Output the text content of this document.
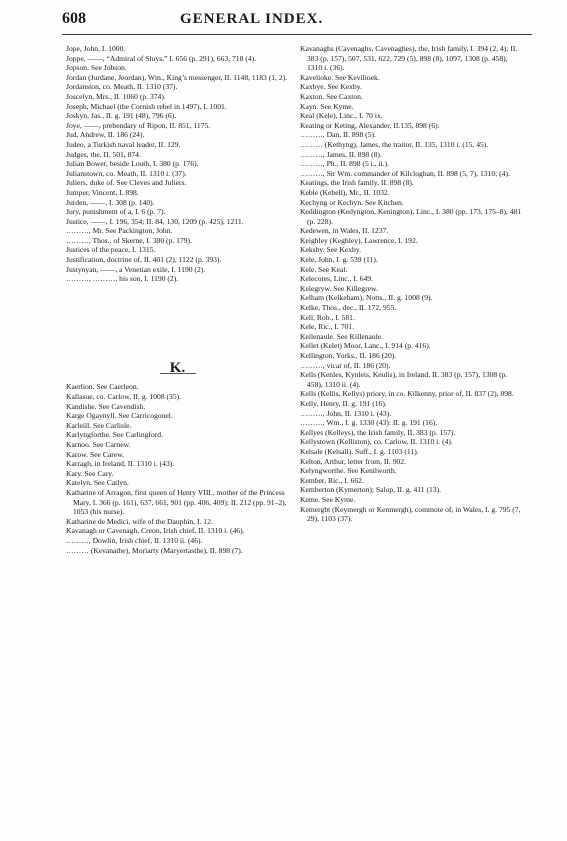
608	GENERAL INDEX.

Jope, John, I. 1000.

Joppe, ——, “Admiral of Sluys,” I. 656 (p. 291), 663, 718 (4).

Jopson. See Jobson.

Jordan (Jurdane, Jeordan), Wm., King’s messenger, II. 1148, 1183 (1, 2).

Jordanston, co. Meath, II. 1310 (37).

Joscelyn, Mrs., II. 1060 (p. 374).

Joseph, Michael (the Cornish rebel in 1497), I. 1001.

Joskyn, Jas., II. g. 191 (48), 796 (6).

Joye, ——, prebendary of Ripon, II. 851, 1175.

Jud, Andrew, II. 186 (24).

Judeo, a Turkish naval leader, II. 129.

Judges, the, II. 501, 874.

Julian Bower, beside Louth, I. 380 (p. 176).

Julianstown, co. Meath, II. 1310 i. (37).

Juliers, duke of. See Cleves and Juliers.

Jumper, Vincent, I. 898.

Jurden, ——, I. 308 (p. 140).

Jury, punishment of a, I. 6 (p. 7).

Justice, ——, I. 196, 354; II. 84, 130, 1209 (p. 425), 1211.

………, Mr. See Packington, John.

………, Thos., of Skerne, I. 380 (p. 179).

Justices of the peace, I. 1315.

Justification, doctrine of, II. 401 (2), 1122 (p. 393).

Justynyan, ——, a Venetian exile, I. 1190 (2).

………, ………, his son, I. 1190 (2).

K.

Kaerlion. See Caerleon.

Kallasue, co. Carlow, II. g. 1008 (35).

Kandishe. See Cavendish.

Karge Ogaynyll. See Carricogonel.

Karleill. See Carlisle.

Karlyngforthe. See Carlingford.

Karnoo. See Carnew.

Karow. See Carew.

Karragh, in Ireland, II. 1310 i. (43).

Kary. See Cary.

Katelyn. See Catlyn.

Katharine of Arragon, first queen of Henry VIII., mother of the Princess Mary, I. 366 (p. 161), 637, 661, 901 (pp. 406, 409); II. 212 (pp. 91–2), 1053 (his nurse).

Katharine de Medici, wife of the Dauphin, I. 12.

Kavanagh or Cavenagh, Creon, Irish chief, II. 1310 i. (46).

………, Dowlin, Irish chief, II. 1310 ii. (46).

……… (Kevanathe), Moriarty (Maryertasthe), II. 898 (7).

Kavanaghs (Cavenaghs, Cavenaghes), the, Irish family, I. 394 (2, 4); II. 383 (p. 157), 507, 531, 622, 729 (5), 898 (8), 1097, 1308 (p. 458), 1310 i. (36).

Kavelioke. See Kevilioek.

Kaxbye. See Kexby.

Kaxton. See Caxton.

Kayn. See Kyme.

Keal (Kele), Linc., I. 70 ix.

Keating or Keting, Alexander, II.135, 898 (6).

………, Dan, II. 898 (5).

……… (Kethyng), James, the traitor, II. 135, 1310 i. (15, 45).

………, James, II. 898 (8).

………, Ph., II. 898 (5 i., ii.).

………, Sir Wm. commander of Kilcloghan, II. 898 (5, 7), 1310; (4).

Keatings, the Irish family, II. 898 (8).

Keble (Kebell), Mr., II. 1032.

Kechyng or Kechyn. See Kitchen.

Keddington (Kedyngton, Kenington), Linc., I. 380 (pp. 173, 175–8), 481 (p. 228).

Kedewen, in Wales, II. 1237.

Keighley (Keghley), Lawrence, I. 192.

Keksby. See Kexby.

Kele, John, I. g. 539 (11).

Kele. See Keal.

Kelecotes, Linc., I. 649.

Kelegryw. See Killegrew.

Kelham (Kelkeham), Notts., II. g. 1008 (9).

Kelke, Thos., dec., II. 172, 955.

Kell, Rob., I. 581.

Kele, Ric., I. 701.

Kellenaule. See Killenaule.

Kellet (Kelet) Moor, Lanc., I. 914 (p. 416).

Kellington, Yorks., II. 186 (20).

………, vicar of, II. 186 (20).

Kells (Kenles, Kynleis, Keulis), in Ireland, II. 383 (p. 157), 1308 (p. 458), 1310 ii. (4).

Kells (Kellis, Kellys) priory, in co. Kilkenny, prior of, II. 837 (2), 898.

Kelly, Henry, II. g. 191 (16).

………, John, II. 1310 i. (43).

………, Wm., I. g. 1330 (43): II. g. 191 (16).

Kellyes (Kelleys), the Irish family, II. 383 (p. 157).

Kellystown (Kelliston), co. Carlow, II. 1310 i. (4).

Kelsale (Kelsall), Suff., I. g. 1103 (11).

Kelton, Arthur, letter from, II. 902.

Kelyngworthe. See Kenilworth.

Kember, Ric., I. 662.

Kemberton (Kymerton); Salop, II. g. 411 (13).

Keme. See Kyme.

Kemergbt (Keymergh or Kenmergh), commote of, in Wales, I. g. 795 (7, 29), 1103 (37).
